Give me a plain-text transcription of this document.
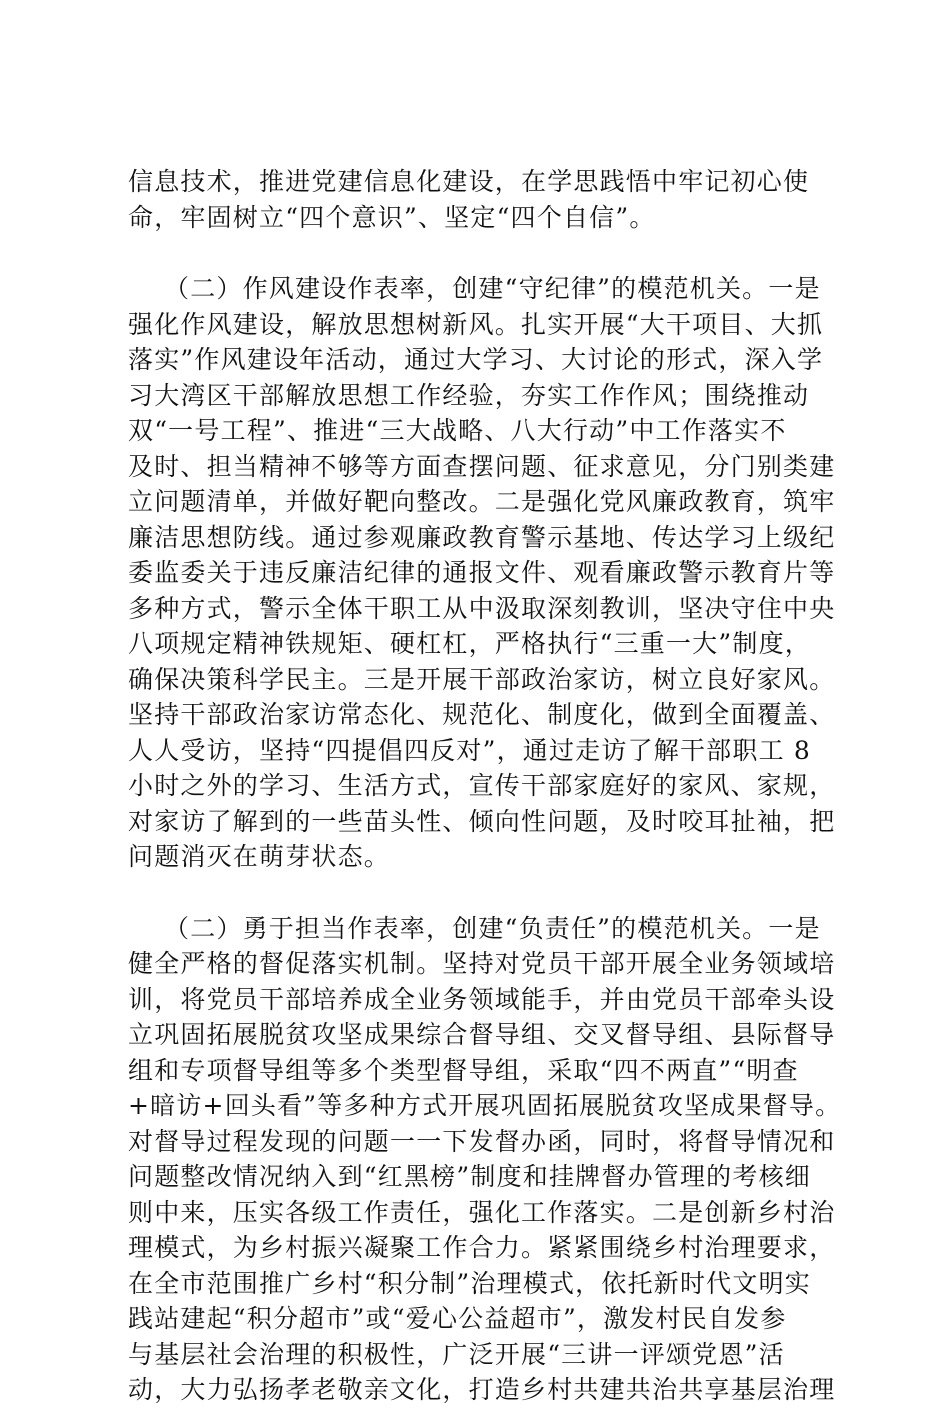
信息技术，推进党建信息化建设，在学思践悟中牢记初心使
命，牢固树立“四个意识”、坚定“四个自信”。
（二）作风建设作表率，创建“守纪律”的模范机关。一是
强化作风建设，解放思想树新风。扎实开展“大干项目、大抓
落实”作风建设年活动，通过大学习、大讨论的形式，深入学
习大湾区干部解放思想工作经验，夯实工作作风；围绕推动
双“一号工程”、推进“三大战略、八大行动”中工作落实不
及时、担当精神不够等方面查摆问题、征求意见，分门别类建
立问题清单，并做好靶向整改。二是强化党风廉政教育，筑牢
廉洁思想防线。通过参观廉政教育警示基地、传达学习上级纪
委监委关于违反廉洁纪律的通报文件、观看廉政警示教育片等
多种方式，警示全体干职工从中汲取深刻教训，坚决守住中央
八项规定精神铁规矩、硬杠杠，严格执行“三重一大”制度，
确保决策科学民主。三是开展干部政治家访，树立良好家风。
坚持干部政治家访常态化、规范化、制度化，做到全面覆盖、
人人受访，坚持“四提倡四反对”，通过走访了解干部职工 8
小时之外的学习、生活方式，宣传干部家庭好的家风、家规，
对家访了解到的一些苗头性、倾向性问题，及时咬耳扯袖，把
问题消灭在萌芽状态。
（二）勇于担当作表率，创建“负责任”的模范机关。一是
健全严格的督促落实机制。坚持对党员干部开展全业务领域培
训，将党员干部培养成全业务领域能手，并由党员干部牵头设
立巩固拓展脱贫攻坚成果综合督导组、交叉督导组、县际督导
组和专项督导组等多个类型督导组，采取“四不两直”“明查
+暗访+回头看”等多种方式开展巩固拓展脱贫攻坚成果督导。
对督导过程发现的问题一一下发督办函，同时，将督导情况和
问题整改情况纳入到“红黑榜”制度和挂牌督办管理的考核细
则中来，压实各级工作责任，强化工作落实。二是创新乡村治
理模式，为乡村振兴凝聚工作合力。紧紧围绕乡村治理要求，
在全市范围推广乡村“积分制”治理模式，依托新时代文明实
践站建起“积分超市”或“爱心公益超市”，激发村民自发参
与基层社会治理的积极性，广泛开展“三讲一评颂党恩”活
动，大力弘扬孝老敬亲文化，打造乡村共建共治共享基层治理
